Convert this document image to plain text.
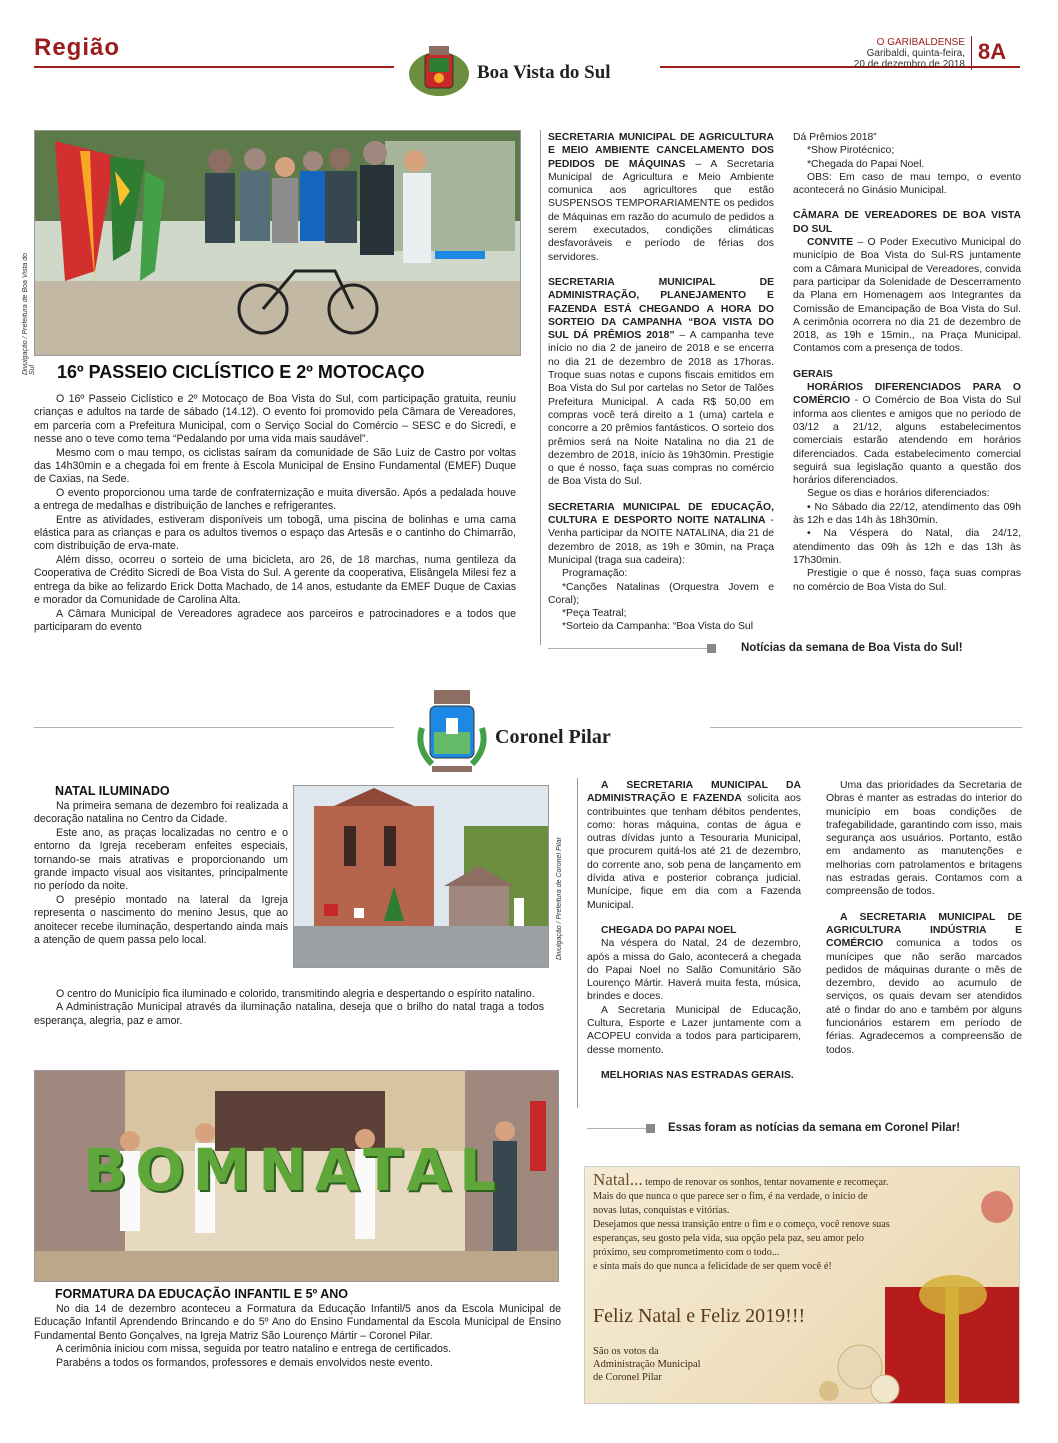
Região
Boa Vista do Sul
O GARIBALDENSE
Garibaldi, quinta-feira,
20 de dezembro de 2018
8A
Divulgação / Prefeitura de Boa Vista do Sul 16º PASSEIO CICLÍSTICO E 2º MOTOCAÇO

O 16º Passeio Ciclístico e 2º Motocaço de Boa Vista do Sul, com participação gratuita, reuniu crianças e adultos na tarde de sábado (14.12). O evento foi promovido pela Câmara de Vereadores, em parceria com a Prefeitura Municipal, com o Serviço Social do Comércio – SESC e do Sicredi, e nesse ano o teve como tema “Pedalando por uma vida mais saudável”.

Mesmo com o mau tempo, os ciclistas saíram da comunidade de São Luiz de Castro por voltas das 14h30min e a chegada foi em frente à Escola Municipal de Ensino Fundamental (EMEF) Duque de Caxias, na Sede.

O evento proporcionou uma tarde de confraternização e muita diversão. Após a pedalada houve a entrega de medalhas e distribuição de lanches e refrigerantes.

Entre as atividades, estiveram disponíveis um tobogã, uma piscina de bolinhas e uma cama elástica para as crianças e para os adultos tivemos o espaço das Artesãs e o cantinho do Chimarrão, com distribuição de erva-mate.

Além disso, ocorreu o sorteio de uma bicicleta, aro 26, de 18 marchas, numa gentileza da Cooperativa de Crédito Sicredi de Boa Vista do Sul. A gerente da cooperativa, Elisângela Milesi fez a entrega da bike ao felizardo Erick Dotta Machado, de 14 anos, estudante da EMEF Duque de Caxias e morador da Comunidade de Carolina Alta.

A Câmara Municipal de Vereadores agradece aos parceiros e patrocinadores e a todos que participaram do evento

SECRETARIA MUNICIPAL DE AGRICULTURA E MEIO AMBIENTE CANCELAMENTO DOS PEDIDOS DE MÁQUINAS – A Secretaria Municipal de Agricultura e Meio Ambiente comunica aos agricultores que estão SUSPENSOS TEMPORARIAMENTE os pedidos de Máquinas em razão do acumulo de pedidos a serem executados, condições climáticas desfavoráveis e período de férias dos servidores.
SECRETARIA MUNICIPAL DE ADMINISTRAÇÃO, PLANEJAMENTO E FAZENDA ESTÁ CHEGANDO A HORA DO SORTEIO DA CAMPANHA “BOA VISTA DO SUL DÁ PRÊMIOS 2018” – A campanha teve início no dia 2 de janeiro de 2018 e se encerra no dia 21 de dezembro de 2018 as 17horas. Troque suas notas e cupons fiscais emitidos em Boa Vista do Sul por cartelas no Setor de Talões Prefeitura Municipal. A cada R$ 50,00 em compras você terá direito a 1 (uma) cartela e concorre a 20 prêmios fantásticos. O sorteio dos prêmios será na Noite Natalina no dia 21 de dezembro de 2018, início às 19h30min. Prestigie o que é nosso, faça suas compras no comércio de Boa Vista do Sul.
SECRETARIA MUNICIPAL DE EDUCAÇÃO, CULTURA E DESPORTO NOITE NATALINA - Venha participar da NOITE NATALINA, dia 21 de dezembro de 2018, as 19h e 30min, na Praça Municipal (traga sua cadeira):

Programação:

*Canções Natalinas (Orquestra Jovem e Coral);

*Peça Teatral;

*Sorteio da Campanha: “Boa Vista do Sul

Dá Prêmios 2018”

*Show Pirotécnico;

*Chegada do Papai Noel.

OBS: Em caso de mau tempo, o evento acontecerá no Ginásio Municipal.

CÂMARA DE VEREADORES DE BOA VISTA DO SUL

CONVITE – O Poder Executivo Municipal do município de Boa Vista do Sul-RS juntamente com a Câmara Municipal de Vereadores, convida para participar da Solenidade de Descerramento da Plana em Homenagem aos Integrantes da Comissão de Emancipação de Boa Vista do Sul. A cerimônia ocorrera no dia 21 de dezembro de 2018, as 19h e 15min., na Praça Municipal. Contamos com a presença de todos.

GERAIS

HORÁRIOS DIFERENCIADOS PARA O COMÉRCIO - O Comércio de Boa Vista do Sul informa aos clientes e amigos que no período de 03/12 a 21/12, alguns estabelecimentos comerciais estarão atendendo em horários diferenciados. Cada estabelecimento comercial seguirá sua legislação quanto a questão dos horários diferenciados.

Segue os dias e horários diferenciados:

• No Sábado dia 22/12, atendimento das 09h às 12h e das 14h às 18h30min.

• Na Véspera do Natal, dia 24/12, atendimento das 09h às 12h e das 13h às 17h30min.

Prestigie o que é nosso, faça suas compras no comércio de Boa Vista do Sul.

Notícias da semana de Boa Vista do Sul!
Coronel Pilar
NATAL ILUMINADO

Na primeira semana de dezembro foi realizada a decoração natalina no Centro da Cidade.

Este ano, as praças localizadas no centro e o entorno da Igreja receberam enfeites especiais, tornando-se mais atrativas e proporcionando um grande impacto visual aos visitantes, principalmente no período da noite.

O presépio montado na lateral da Igreja representa o nascimento do menino Jesus, que ao anoitecer recebe iluminação, despertando ainda mais a atenção de quem passa pelo local.

O centro do Município fica iluminado e colorido, transmitindo alegria e despertando o espírito natalino.

A Administração Municipal através da iluminação natalina, deseja que o brilho do natal traga a todos esperança, alegria, paz e amor.

Divulgação / Prefeitura de Coronel Pilar
BOMNATAL
FORMATURA DA EDUCAÇÃO INFANTIL E 5º ANO

No dia 14 de dezembro aconteceu a Formatura da Educação Infantil/5 anos da Escola Municipal de Educação Infantil Aprendendo Brincando e do 5º Ano do Ensino Fundamental da Escola Municipal de Ensino Fundamental Bento Gonçalves, na Igreja Matriz São Lourenço Mártir – Coronel Pilar.

A cerimônia iniciou com missa, seguida por teatro natalino e entrega de certificados.

Parabéns a todos os formandos, professores e demais envolvidos neste evento.

A SECRETARIA MUNICIPAL DA ADMINISTRAÇÃO E FAZENDA solicita aos contribuintes que tenham débitos pendentes, como: horas máquina, contas de água e outras dívidas junto a Tesouraria Municipal, que procurem quitá-los até 21 de dezembro, do corrente ano, sob pena de lançamento em dívida ativa e posterior cobrança judicial. Munícipe, fique em dia com a Fazenda Municipal.

CHEGADA DO PAPAI NOEL

Na véspera do Natal, 24 de dezembro, após a missa do Galo, acontecerá a chegada do Papai Noel no Salão Comunitário São Lourenço Mártir. Haverá muita festa, música, brindes e doces.

A Secretaria Municipal de Educação, Cultura, Esporte e Lazer juntamente com a ACOPEU convida a todos para participarem, desse momento.

MELHORIAS NAS ESTRADAS GERAIS.

Uma das prioridades da Secretaria de Obras é manter as estradas do interior do município em boas condições de trafegabilidade, garantindo com isso, mais segurança aos usuários. Portanto, estão em andamento as manutenções e melhorias com patrolamentos e britagens nas estradas gerais. Contamos com a compreensão de todos.

A SECRETARIA MUNICIPAL DE AGRICULTURA INDÚSTRIA E COMÉRCIO comunica a todos os munícipes que não serão marcados pedidos de máquinas durante o mês de dezembro, devido ao acumulo de serviços, os quais devam ser atendidos até o findar do ano e também por alguns funcionários estarem em período de férias. Agradecemos a compreensão de todos.

Essas foram as notícias da semana em Coronel Pilar!
Natal... tempo de renovar os sonhos, tentar novamente e recomeçar.
Mais do que nunca o que parece ser o fim, é na verdade, o início de novas lutas, conquistas e vitórias.
Desejamos que nessa transição entre o fim e o começo, você renove suas esperanças, seu gosto pela vida, sua opção pela paz, seu amor pelo próximo, seu comprometimento com o todo...
e sinta mais do que nunca a felicidade de ser quem você é!
Feliz Natal e Feliz 2019!!!
São os votos da
Administração Municipal
de Coronel Pilar
